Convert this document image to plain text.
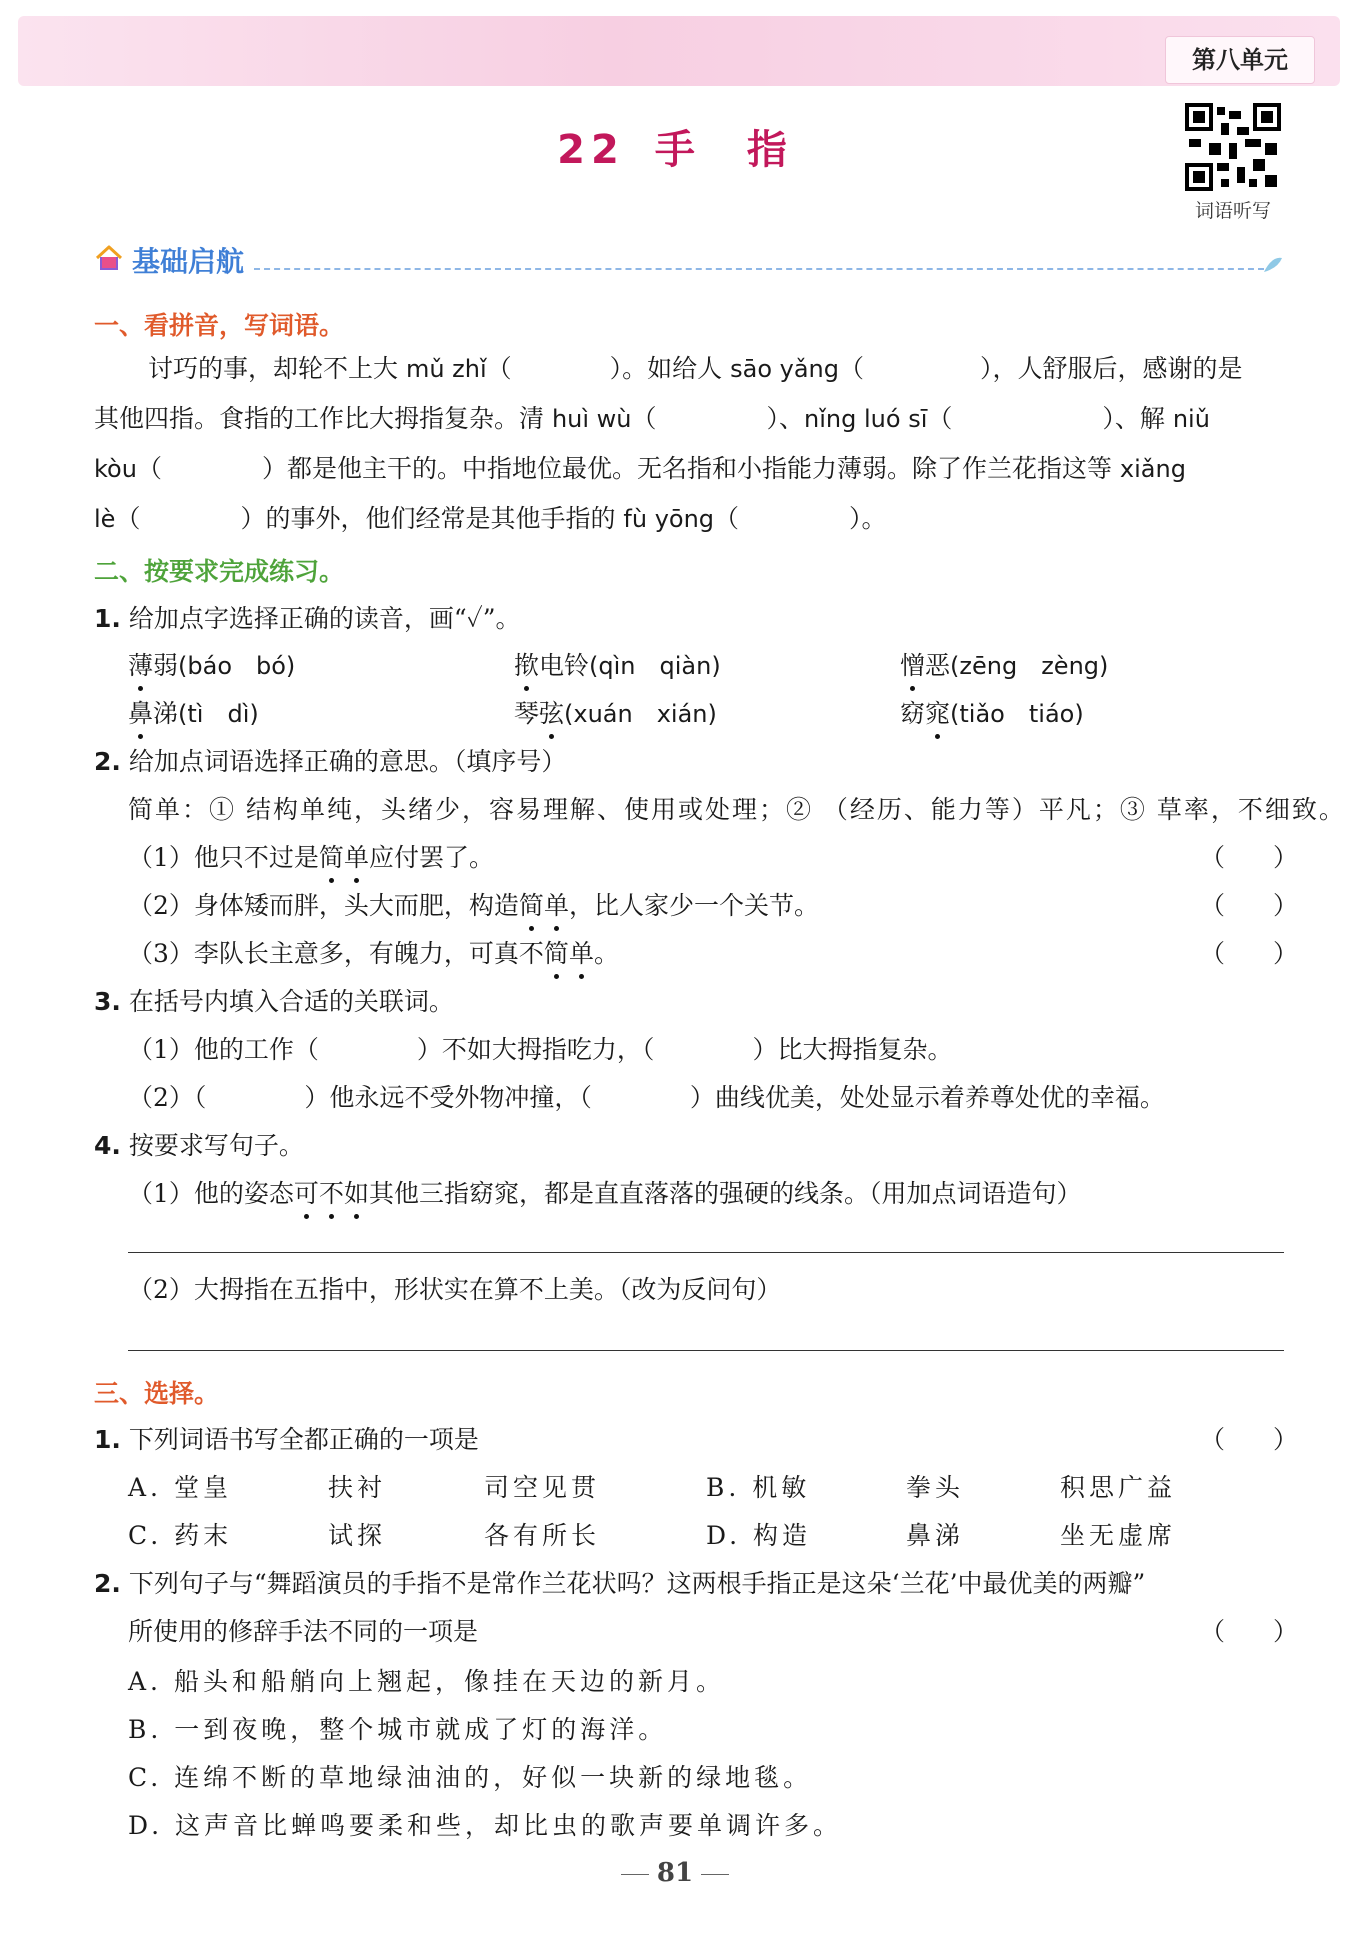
第八单元
22 手　指
词语听写
基础启航
一、看拼音，写词语。
讨巧的事，却轮不上大 mǔ zhǐ（	）。如给人 sāo yǎng（	），人舒服后，感谢的是
其他四指。食指的工作比大拇指复杂。清 huì wù（	）、nǐng luó sī（	）、解 niǔ
kòu（	）都是他主干的。中指地位最优。无名指和小指能力薄弱。除了作兰花指这等 xiǎng
lè（	）的事外，他们经常是其他手指的 fù yōng（	）。
二、按要求完成练习。
1. 给加点字选择正确的读音，画“✓”。
薄弱(báo　bó)	揿电铃(qìn　qiàn)	憎恶(zēng　zèng)
鼻涕(tì　dì)	琴弦(xuán　xián)	窈窕(tiǎo　tiáo)
2. 给加点词语选择正确的意思。（填序号）
简单：① 结构单纯，头绪少，容易理解、使用或处理；② （经历、能力等）平凡；③ 草率，不细致。
（1）他只不过是简单应付罢了。	（ ）
（2）身体矮而胖，头大而肥，构造简单，比人家少一个关节。	（ ）
（3）李队长主意多，有魄力，可真不简单。	（ ）
3. 在括号内填入合适的关联词。
（1）他的工作（	）不如大拇指吃力，（	）比大拇指复杂。
（2）（	）他永远不受外物冲撞，（	）曲线优美，处处显示着养尊处优的幸福。
4. 按要求写句子。
（1）他的姿态可不如其他三指窈窕，都是直直落落的强硬的线条。（用加点词语造句）
（2）大拇指在五指中，形状实在算不上美。（改为反问句）
三、选择。
1. 下列词语书写全都正确的一项是	（ ）
A. 堂皇	扶衬	司空见贯	B. 机敏	拳头	积思广益
C. 药末	试探	各有所长	D. 构造	鼻涕	坐无虚席
2. 下列句子与“舞蹈演员的手指不是常作兰花状吗？这两根手指正是这朵‘兰花’中最优美的两瓣”
所使用的修辞手法不同的一项是	（ ）
A. 船头和船艄向上翘起，像挂在天边的新月。
B. 一到夜晚，整个城市就成了灯的海洋。
C. 连绵不断的草地绿油油的，好似一块新的绿地毯。
D. 这声音比蝉鸣要柔和些，却比虫的歌声要单调许多。
81
